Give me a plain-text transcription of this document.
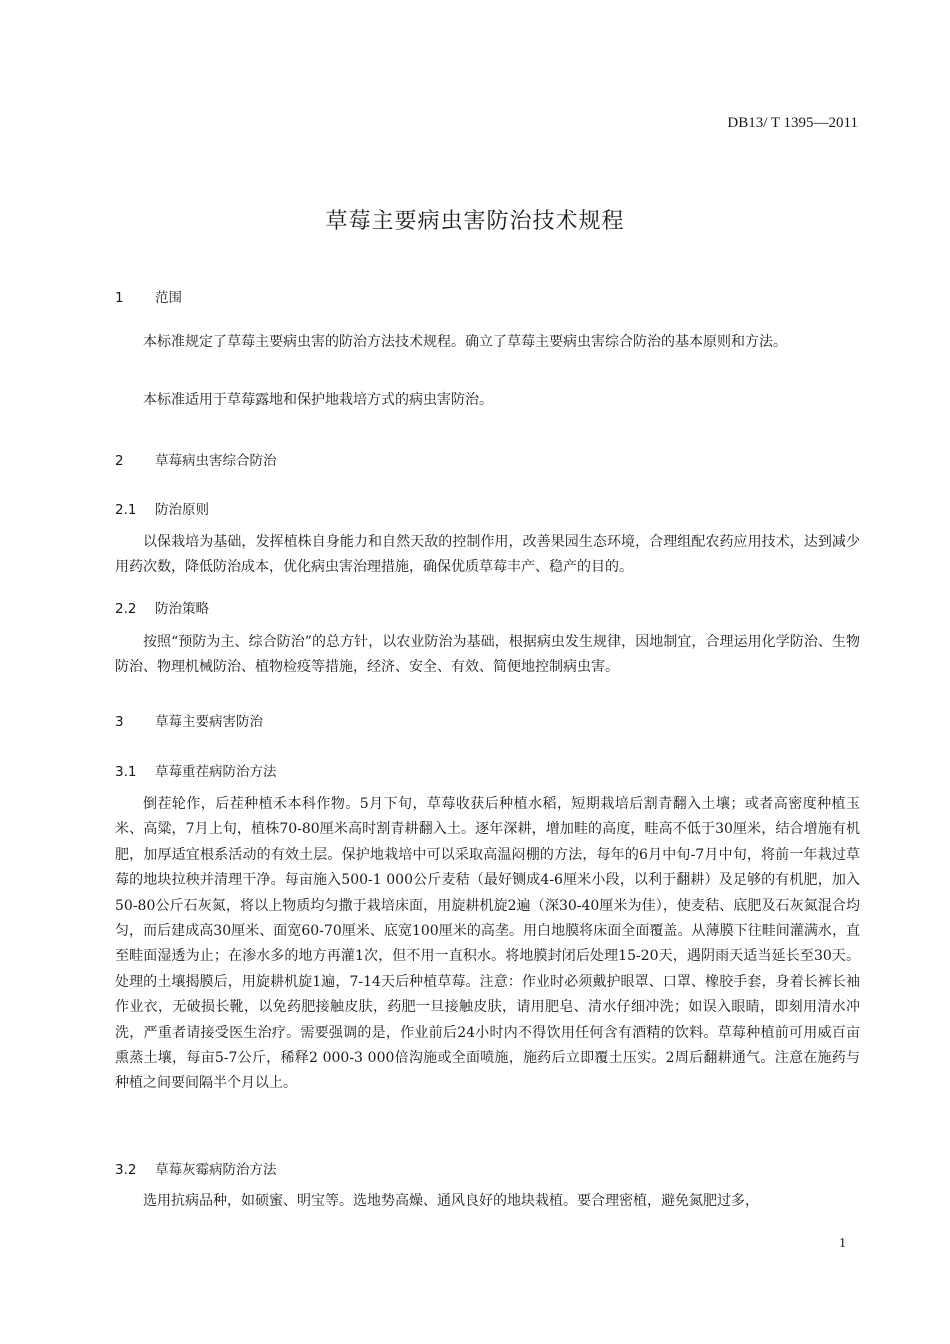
DB13/ T 1395—2011
草莓主要病虫害防治技术规程
1 范围

本标准规定了草莓主要病虫害的防治方法技术规程。确立了草莓主要病虫害综合防治的基本原则和方法。

本标准适用于草莓露地和保护地栽培方式的病虫害防治。

2 草莓病虫害综合防治
2.1 防治原则

以保栽培为基础，发挥植株自身能力和自然天敌的控制作用，改善果园生态环境，合理组配农药应用技术，达到减少用药次数，降低防治成本，优化病虫害治理措施，确保优质草莓丰产、稳产的目的。

2.2 防治策略

按照“预防为主、综合防治”的总方针，以农业防治为基础，根据病虫发生规律，因地制宜，合理运用化学防治、生物防治、物理机械防治、植物检疫等措施，经济、安全、有效、简便地控制病虫害。

3 草莓主要病害防治
3.1 草莓重茬病防治方法

倒茬轮作，后茬种植禾本科作物。5月下旬，草莓收获后种植水稻，短期栽培后割青翻入土壤；或者高密度种植玉米、高粱，7月上旬，植株70-80厘米高时割青耕翻入土。逐年深耕，增加畦的高度，畦高不低于30厘米，结合增施有机肥，加厚适宜根系活动的有效土层。保护地栽培中可以采取高温闷棚的方法，每年的6月中旬-7月中旬，将前一年栽过草莓的地块拉秧并清理干净。每亩施入500-1 000公斤麦秸（最好铡成4-6厘米小段，以利于翻耕）及足够的有机肥，加入50-80公斤石灰氮，将以上物质均匀撒于栽培床面，用旋耕机旋2遍（深30-40厘米为佳），使麦秸、底肥及石灰氮混合均匀，而后建成高30厘米、面宽60-70厘米、底宽100厘米的高垄。用白地膜将床面全面覆盖。从薄膜下往畦间灌满水，直至畦面湿透为止；在渗水多的地方再灌1次，但不用一直积水。将地膜封闭后处理15-20天，遇阴雨天适当延长至30天。处理的土壤揭膜后，用旋耕机旋1遍，7-14天后种植草莓。注意：作业时必须戴护眼罩、口罩、橡胶手套，身着长裤长袖作业衣，无破损长靴，以免药肥接触皮肤，药肥一旦接触皮肤，请用肥皂、清水仔细冲洗；如误入眼睛，即刻用清水冲洗，严重者请接受医生治疗。需要强调的是，作业前后24小时内不得饮用任何含有酒精的饮料。草莓种植前可用威百亩熏蒸土壤，每亩5-7公斤，稀释2 000-3 000倍沟施或全面喷施，施药后立即覆土压实。2周后翻耕通气。注意在施药与种植之间要间隔半个月以上。

3.2 草莓灰霉病防治方法

选用抗病品种，如硕蜜、明宝等。选地势高燥、通风良好的地块栽植。要合理密植，避免氮肥过多，

1
